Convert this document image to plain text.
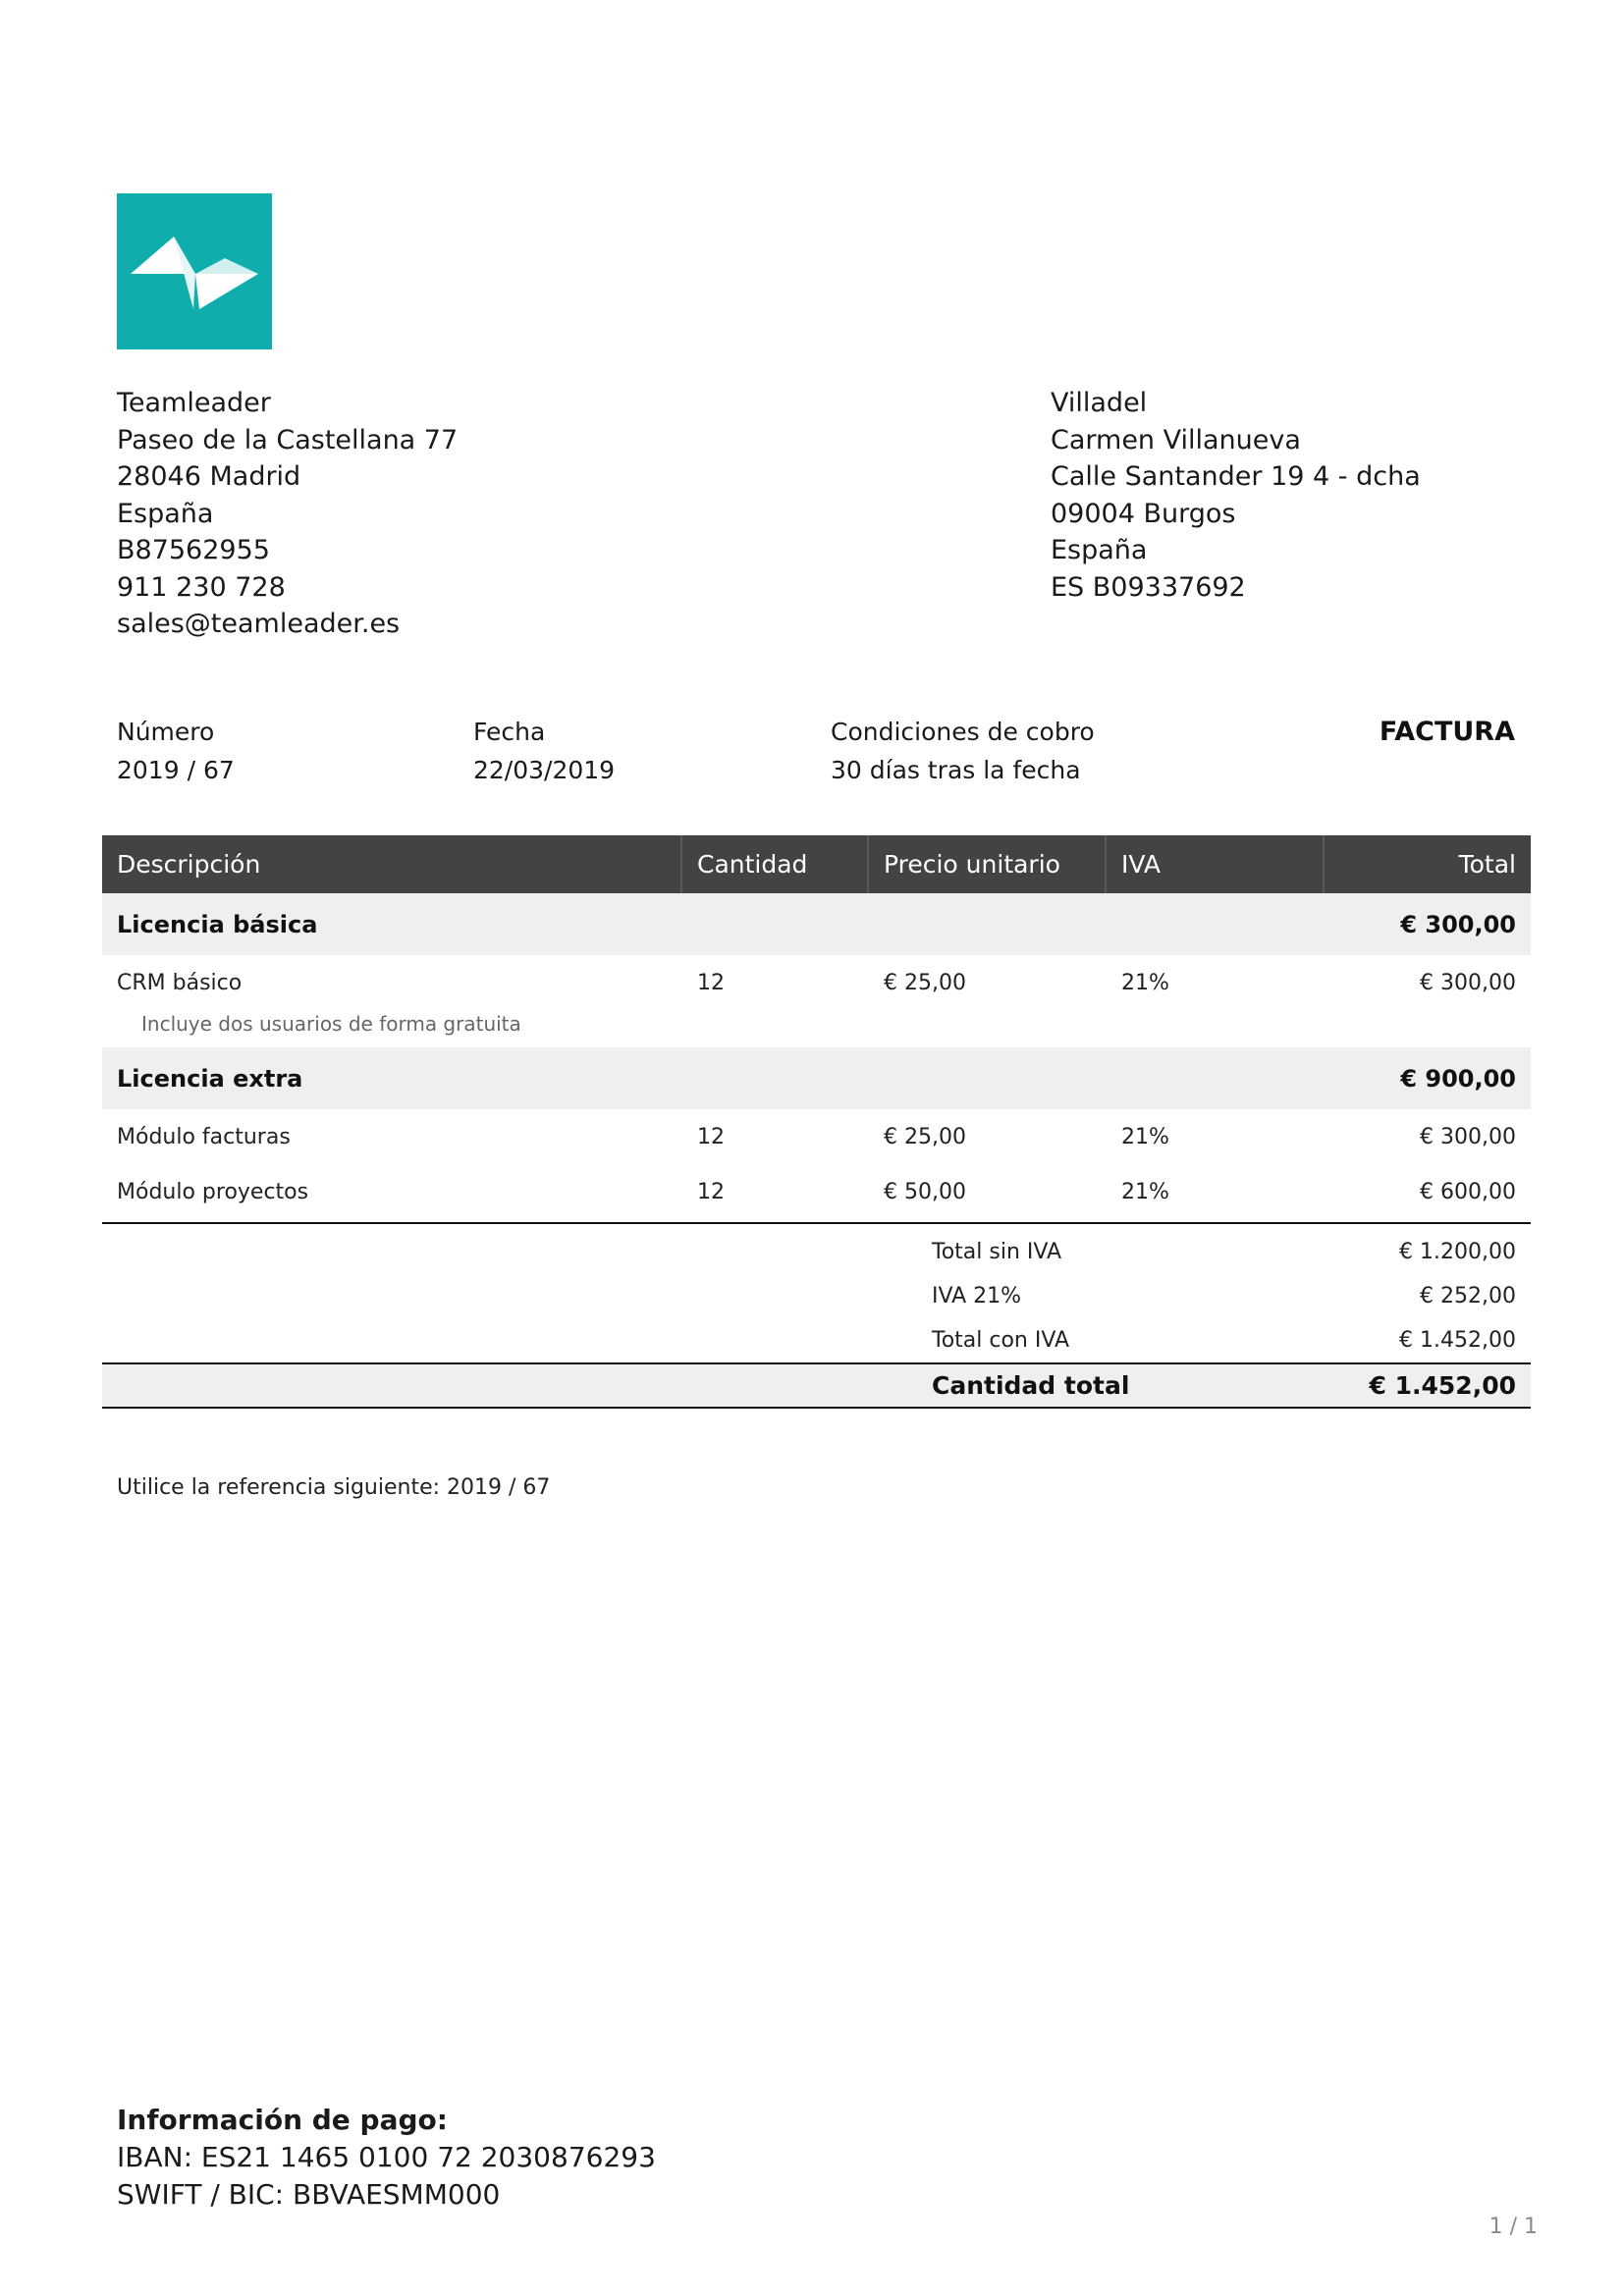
Teamleader
Paseo de la Castellana 77
28046 Madrid
España
B87562955
911 230 728
sales@teamleader.es
Villadel
Carmen Villanueva
Calle Santander 19 4 - dcha
09004 Burgos
España
ES B09337692
Número
2019 / 67
Fecha
22/03/2019
Condiciones de cobro
30 días tras la fecha
FACTURA
Descripción	Cantidad	Precio unitario	IVA	Total
Licencia básica	€ 300,00
CRM básico	12	€ 25,00	21%	€ 300,00
Incluye dos usuarios de forma gratuita
Licencia extra	€ 900,00
Módulo facturas	12	€ 25,00	21%	€ 300,00
Módulo proyectos	12	€ 50,00	21%	€ 600,00
Total sin IVA	€ 1.200,00
IVA 21%	€ 252,00
Total con IVA	€ 1.452,00
Cantidad total	€ 1.452,00
Utilice la referencia siguiente: 2019 / 67
Información de pago:
IBAN: ES21 1465 0100 72 2030876293
SWIFT / BIC: BBVAESMM000
1 / 1
